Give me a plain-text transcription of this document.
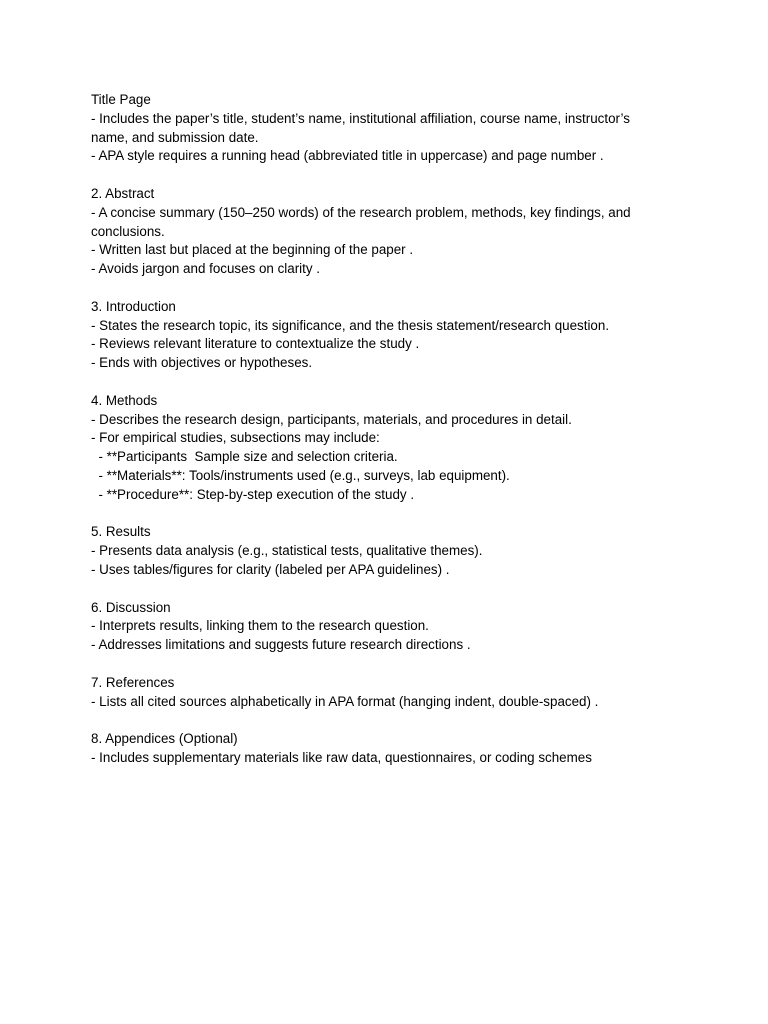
Title Page

- Includes the paper’s title, student’s name, institutional affiliation, course name, instructor’s name, and submission date.

- APA style requires a running head (abbreviated title in uppercase) and page number .

2. Abstract

- A concise summary (150–250 words) of the research problem, methods, key findings, and conclusions.

- Written last but placed at the beginning of the paper .

- Avoids jargon and focuses on clarity .

3. Introduction

- States the research topic, its significance, and the thesis statement/research question.

- Reviews relevant literature to contextualize the study .

- Ends with objectives or hypotheses.

4. Methods

- Describes the research design, participants, materials, and procedures in detail.

- For empirical studies, subsections may include:

- **Participants  Sample size and selection criteria.

- **Materials**: Tools/instruments used (e.g., surveys, lab equipment).

- **Procedure**: Step-by-step execution of the study .

5. Results

- Presents data analysis (e.g., statistical tests, qualitative themes).

- Uses tables/figures for clarity (labeled per APA guidelines) .

6. Discussion

- Interprets results, linking them to the research question.

- Addresses limitations and suggests future research directions .

7. References

- Lists all cited sources alphabetically in APA format (hanging indent, double-spaced) .

8. Appendices (Optional)

- Includes supplementary materials like raw data, questionnaires, or coding schemes
